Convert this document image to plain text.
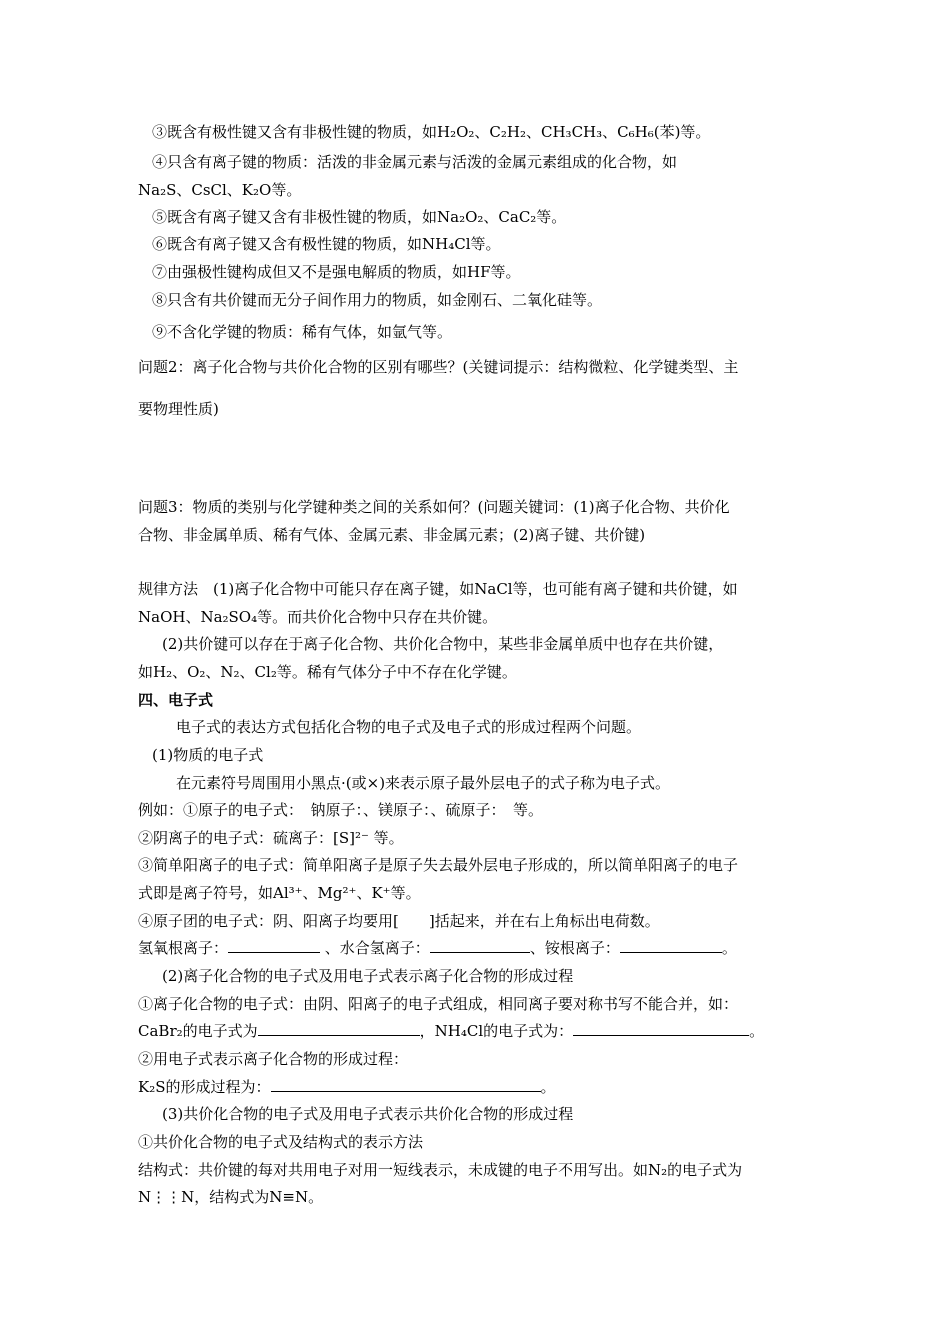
③既含有极性键又含有非极性键的物质，如H₂O₂、C₂H₂、CH₃CH₃、C₆H₆(苯)等。
④只含有离子键的物质：活泼的非金属元素与活泼的金属元素组成的化合物，如
Na₂S、CsCl、K₂O等。
⑤既含有离子键又含有非极性键的物质，如Na₂O₂、CaC₂等。
⑥既含有离子键又含有极性键的物质，如NH₄Cl等。
⑦由强极性键构成但又不是强电解质的物质，如HF等。
⑧只含有共价键而无分子间作用力的物质，如金刚石、二氧化硅等。
⑨不含化学键的物质：稀有气体，如氩气等。
问题2：离子化合物与共价化合物的区别有哪些？(关键词提示：结构微粒、化学键类型、主
要物理性质)
问题3：物质的类别与化学键种类之间的关系如何？(问题关键词：(1)离子化合物、共价化
合物、非金属单质、稀有气体、金属元素、非金属元素；(2)离子键、共价键)
规律方法　(1)离子化合物中可能只存在离子键，如NaCl等，也可能有离子键和共价键，如
NaOH、Na₂SO₄等。而共价化合物中只存在共价键。
(2)共价键可以存在于离子化合物、共价化合物中，某些非金属单质中也存在共价键，
如H₂、O₂、N₂、Cl₂等。稀有气体分子中不存在化学键。
四、电子式
电子式的表达方式包括化合物的电子式及电子式的形成过程两个问题。
(1)物质的电子式
在元素符号周围用小黑点·(或×)来表示原子最外层电子的式子称为电子式。
例如：①原子的电子式：　钠原子：、镁原子：、硫原子：　等。
②阴离子的电子式：硫离子：[S]²⁻ 等。
③简单阳离子的电子式：简单阳离子是原子失去最外层电子形成的，所以简单阳离子的电子
式即是离子符号，如Al³⁺、Mg²⁺、K⁺等。
④原子团的电子式：阴、阳离子均要用[　　]括起来，并在右上角标出电荷数。
氢氧根离子：	、水合氢离子：	、铵根离子：	。
(2)离子化合物的电子式及用电子式表示离子化合物的形成过程
①离子化合物的电子式：由阴、阳离子的电子式组成，相同离子要对称书写不能合并，如：
CaBr₂的电子式为	，NH₄Cl的电子式为：	。
②用电子式表示离子化合物的形成过程：
K₂S的形成过程为：	。
(3)共价化合物的电子式及用电子式表示共价化合物的形成过程
①共价化合物的电子式及结构式的表示方法
结构式：共价键的每对共用电子对用一短线表示，未成键的电子不用写出。如N₂的电子式为
N⋮⋮N，结构式为N≡N。
